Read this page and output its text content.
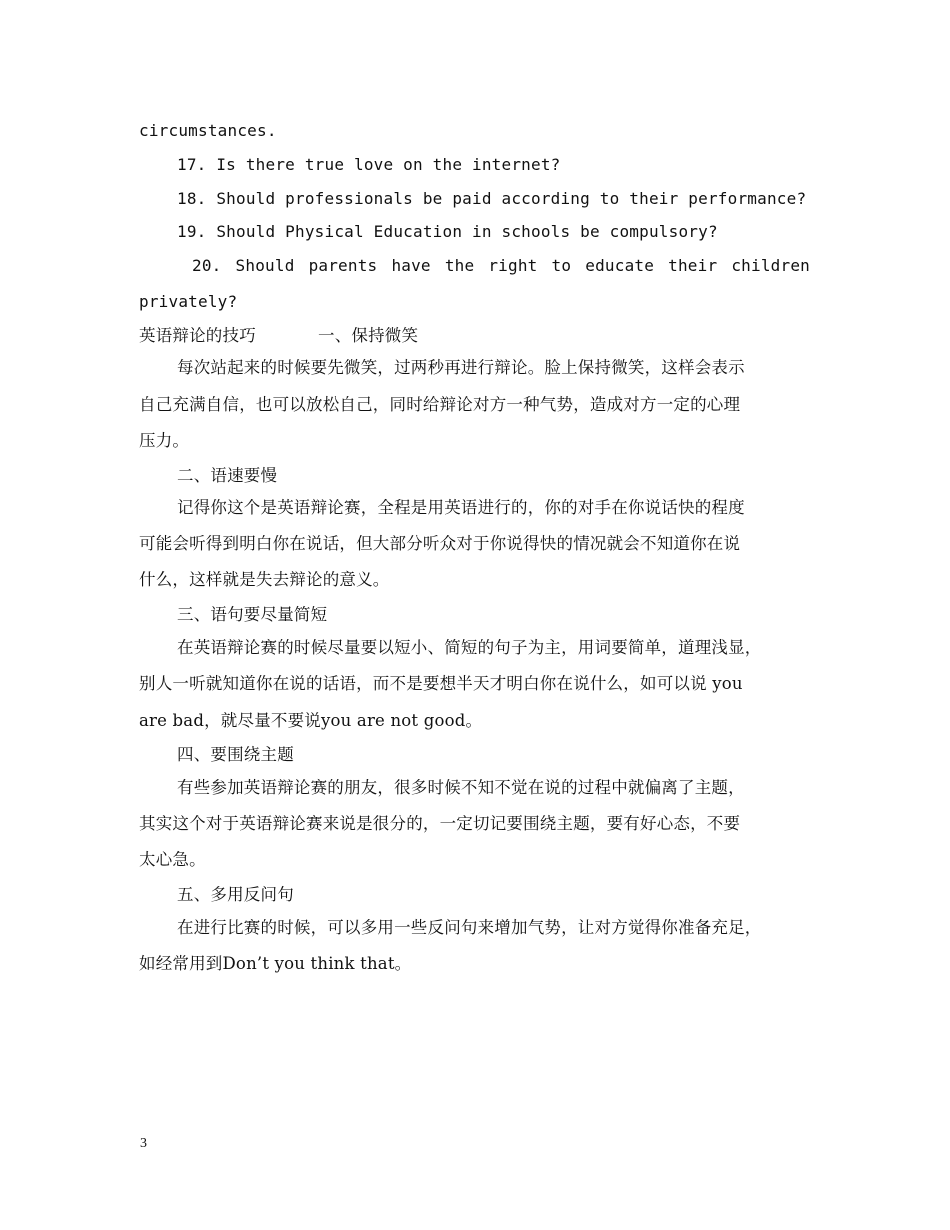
circumstances.
17. Is there true love on the internet?
18. Should professionals be paid according to their performance?
19. Should Physical Education in schools be compulsory?
20. Should parents have the right to educate their children
privately?
英语辩论的技巧	一、保持微笑
每次站起来的时候要先微笑，过两秒再进行辩论。脸上保持微笑，这样会表示
自己充满自信，也可以放松自己，同时给辩论对方一种气势，造成对方一定的心理
压力。
二、语速要慢
记得你这个是英语辩论赛，全程是用英语进行的，你的对手在你说话快的程度
可能会听得到明白你在说话，但大部分听众对于你说得快的情况就会不知道你在说
什么，这样就是失去辩论的意义。
三、语句要尽量简短
在英语辩论赛的时候尽量要以短小、简短的句子为主，用词要简单，道理浅显，
别人一听就知道你在说的话语，而不是要想半天才明白你在说什么，如可以说 you
are bad，就尽量不要说you are not good。
四、要围绕主题
有些参加英语辩论赛的朋友，很多时候不知不觉在说的过程中就偏离了主题，
其实这个对于英语辩论赛来说是很分的，一定切记要围绕主题，要有好心态，不要
太心急。
五、多用反问句
在进行比赛的时候，可以多用一些反问句来增加气势，让对方觉得你准备充足，
如经常用到Don’t you think that。
3
